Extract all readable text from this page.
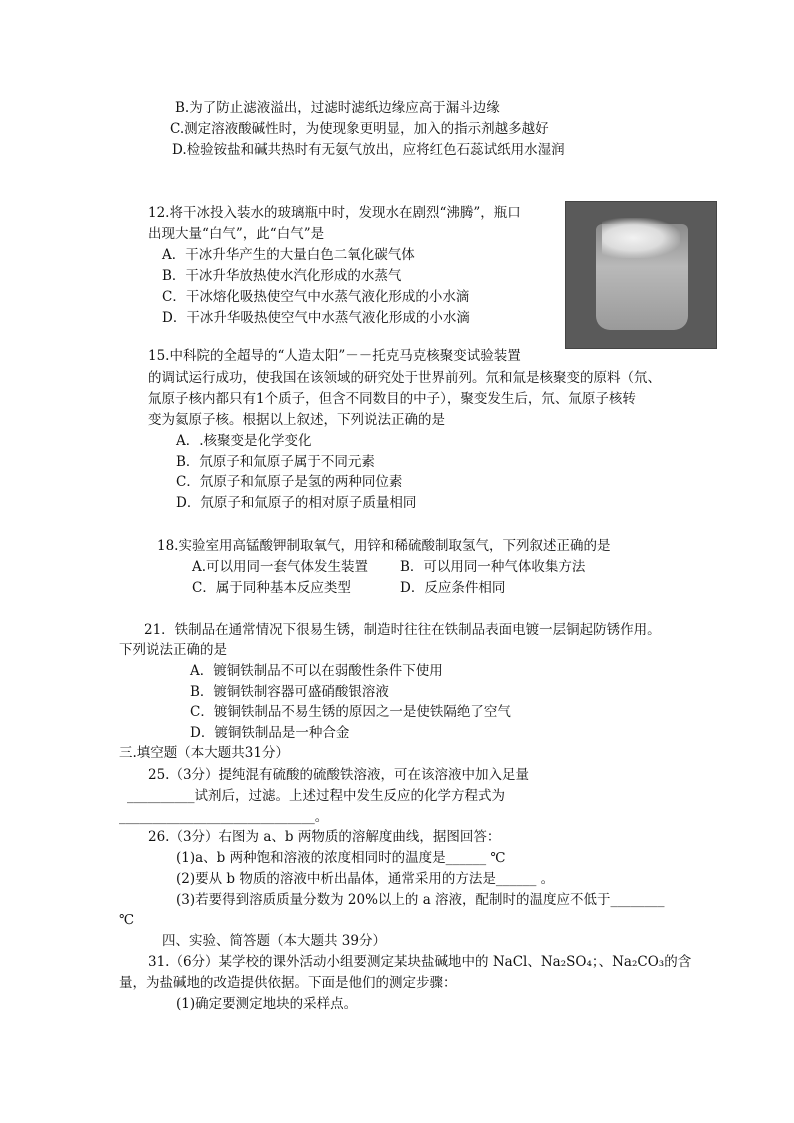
B.为了防止滤液溢出，过滤时滤纸边缘应高于漏斗边缘
C.测定溶液酸碱性时，为使现象更明显，加入的指示剂越多越好
D.检验铵盐和碱共热时有无氨气放出，应将红色石蕊试纸用水湿润
12.将干冰投入装水的玻璃瓶中时，发现水在剧烈“沸腾”，瓶口
出现大量“白气”，此“白气”是
A．干冰升华产生的大量白色二氧化碳气体
B．干冰升华放热使水汽化形成的水蒸气
C．干冰熔化吸热使空气中水蒸气液化形成的小水滴
D．干冰升华吸热使空气中水蒸气液化形成的小水滴
15.中科院的全超导的“人造太阳”－－托克马克核聚变试验装置
的调试运行成功，使我国在该领域的研究处于世界前列。氘和氚是核聚变的原料（氘、
氚原子核内都只有1个质子，但含不同数目的中子），聚变发生后，氘、氚原子核转
变为氦原子核。根据以上叙述，下列说法正确的是
A．.核聚变是化学变化
B．氘原子和氚原子属于不同元素
C．氘原子和氚原子是氢的两种同位素
D．氘原子和氚原子的相对原子质量相同
18.实验室用高锰酸钾制取氧气，用锌和稀硫酸制取氢气，下列叙述正确的是
A.可以用同一套气体发生装置 B．可以用同一种气体收集方法
C．属于同种基本反应类型	D．反应条件相同
21．铁制品在通常情况下很易生锈，制造时往往在铁制品表面电镀一层铜起防锈作用。
下列说法正确的是
A．镀铜铁制品不可以在弱酸性条件下使用
B．镀铜铁制容器可盛硝酸银溶液
C．镀铜铁制品不易生锈的原因之一是使铁隔绝了空气
D．镀铜铁制品是一种合金
三.填空题（本大题共31分）
25.（3分）提纯混有硫酸的硫酸铁溶液，可在该溶液中加入足量
__________试剂后，过滤。上述过程中发生反应的化学方程式为
_____________________________。
26.（3分）右图为 a、b 两物质的溶解度曲线，据图回答：
(1)a、b 两种饱和溶液的浓度相同时的温度是______ ℃
(2)要从 b 物质的溶液中析出晶体，通常采用的方法是______ 。
(3)若要得到溶质质量分数为 20%以上的 a 溶液，配制时的温度应不低于________
℃
四、实验、简答题（本大题共 39分）
31.（6分）某学校的课外活动小组要测定某块盐碱地中的 NaCl、Na₂SO₄；、Na₂CO₃的含
量，为盐碱地的改造提供依据。下面是他们的测定步骤：
(1)确定要测定地块的采样点。
